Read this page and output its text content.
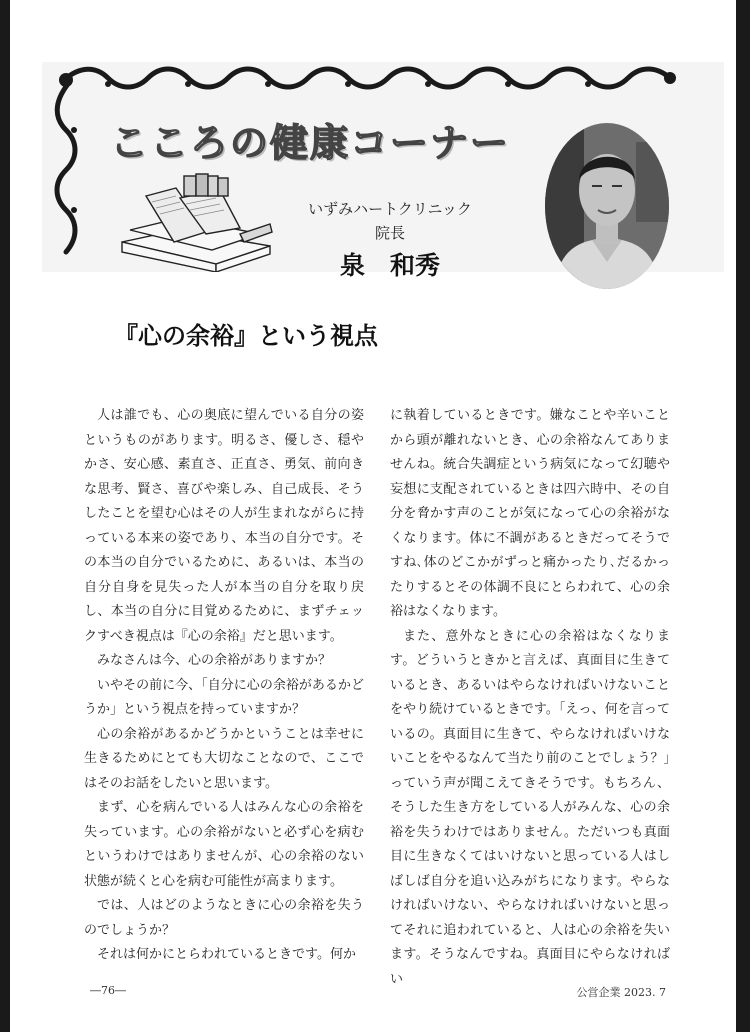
こころの健康コーナー
いずみハートクリニック
院長
泉　和秀
『心の余裕』という視点

人は誰でも、心の奥底に望んでいる自分の姿というものがあります。明るさ、優しさ、穏やかさ、安心感、素直さ、正直さ、勇気、前向きな思考、賢さ、喜びや楽しみ、自己成長、そうしたことを望む心はその人が生まれながらに持っている本来の姿であり、本当の自分です。その本当の自分でいるために、あるいは、本当の自分自身を見失った人が本当の自分を取り戻し、本当の自分に目覚めるために、まずチェックすべき視点は『心の余裕』だと思います。

みなさんは今、心の余裕がありますか？

いやその前に今、「自分に心の余裕があるかどうか」という視点を持っていますか？

心の余裕があるかどうかということは幸せに生きるためにとても大切なことなので、ここではそのお話をしたいと思います。

まず、心を病んでいる人はみんな心の余裕を失っています。心の余裕がないと必ず心を病むというわけではありませんが、心の余裕のない状態が続くと心を病む可能性が高まります。

では、人はどのようなときに心の余裕を失うのでしょうか？

それは何かにとらわれているときです。何か

に執着しているときです。嫌なことや辛いことから頭が離れないとき、心の余裕なんてありませんね。統合失調症という病気になって幻聴や妄想に支配されているときは四六時中、その自分を脅かす声のことが気になって心の余裕がなくなります。体に不調があるときだってそうですね､体のどこかがずっと痛かったり､だるかったりするとその体調不良にとらわれて、心の余裕はなくなります。

また、意外なときに心の余裕はなくなります。どういうときかと言えば、真面目に生きているとき、あるいはやらなければいけないことをやり続けているときです。「えっ、何を言っているの。真面目に生きて、やらなければいけないことをやるなんて当たり前のことでしょう？」っていう声が聞こえてきそうです。もちろん、そうした生き方をしている人がみんな、心の余裕を失うわけではありません。ただいつも真面目に生きなくてはいけないと思っている人はしばしば自分を追い込みがちになります。やらなければいけない、やらなければいけないと思ってそれに追われていると、人は心の余裕を失います。そうなんですね。真面目にやらなければい

―76―	公営企業 2023. 7
